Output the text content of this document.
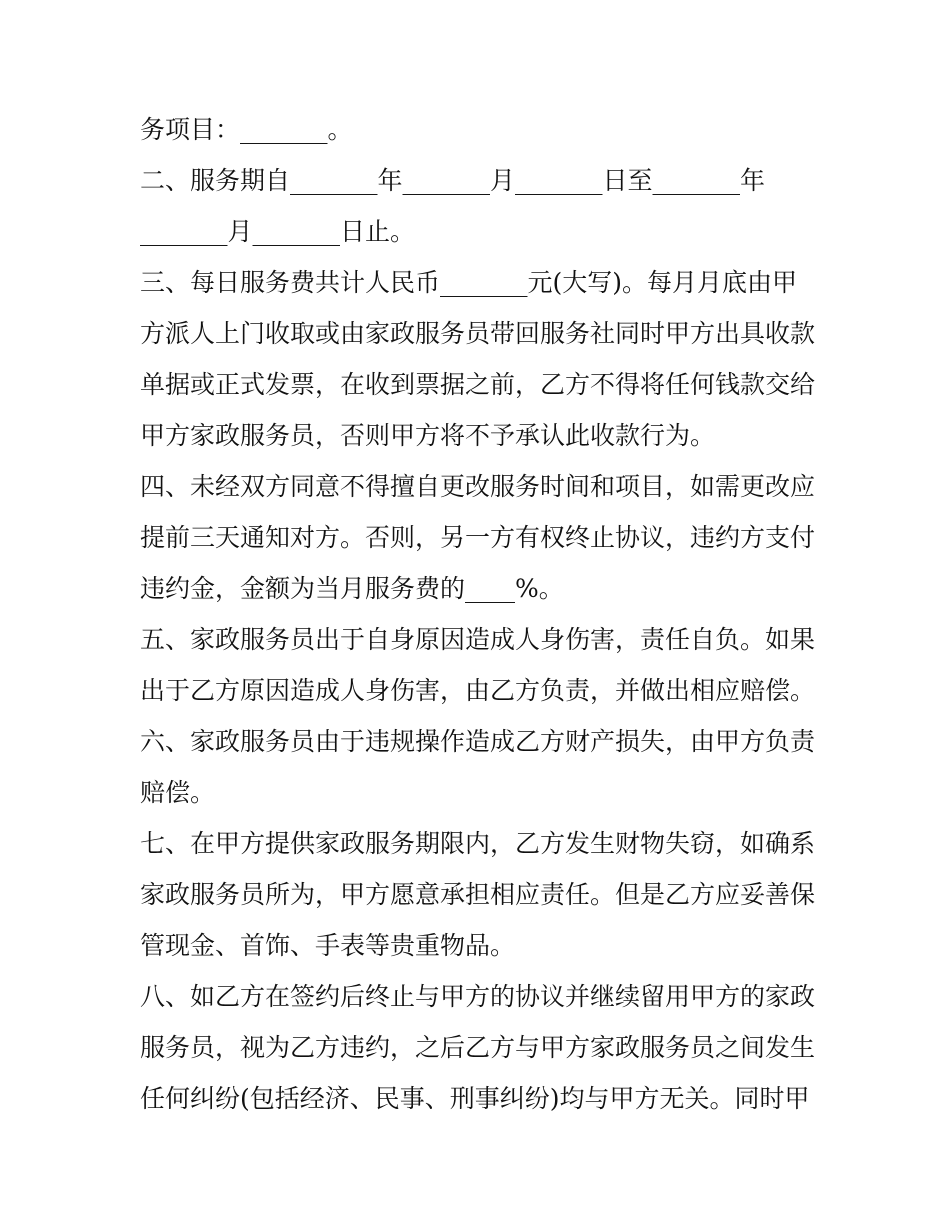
务项目：_______。
二、服务期自_______年_______月_______日至_______年
_______月_______日止。
三、每日服务费共计人民币_______元(大写)。每月月底由甲
方派人上门收取或由家政服务员带回服务社同时甲方出具收款
单据或正式发票，在收到票据之前，乙方不得将任何钱款交给
甲方家政服务员，否则甲方将不予承认此收款行为。
四、未经双方同意不得擅自更改服务时间和项目，如需更改应
提前三天通知对方。否则，另一方有权终止协议，违约方支付
违约金，金额为当月服务费的____%。
五、家政服务员出于自身原因造成人身伤害，责任自负。如果
出于乙方原因造成人身伤害，由乙方负责，并做出相应赔偿。
六、家政服务员由于违规操作造成乙方财产损失，由甲方负责
赔偿。
七、在甲方提供家政服务期限内，乙方发生财物失窃，如确系
家政服务员所为，甲方愿意承担相应责任。但是乙方应妥善保
管现金、首饰、手表等贵重物品。
八、如乙方在签约后终止与甲方的协议并继续留用甲方的家政
服务员，视为乙方违约，之后乙方与甲方家政服务员之间发生
任何纠纷(包括经济、民事、刑事纠纷)均与甲方无关。同时甲
